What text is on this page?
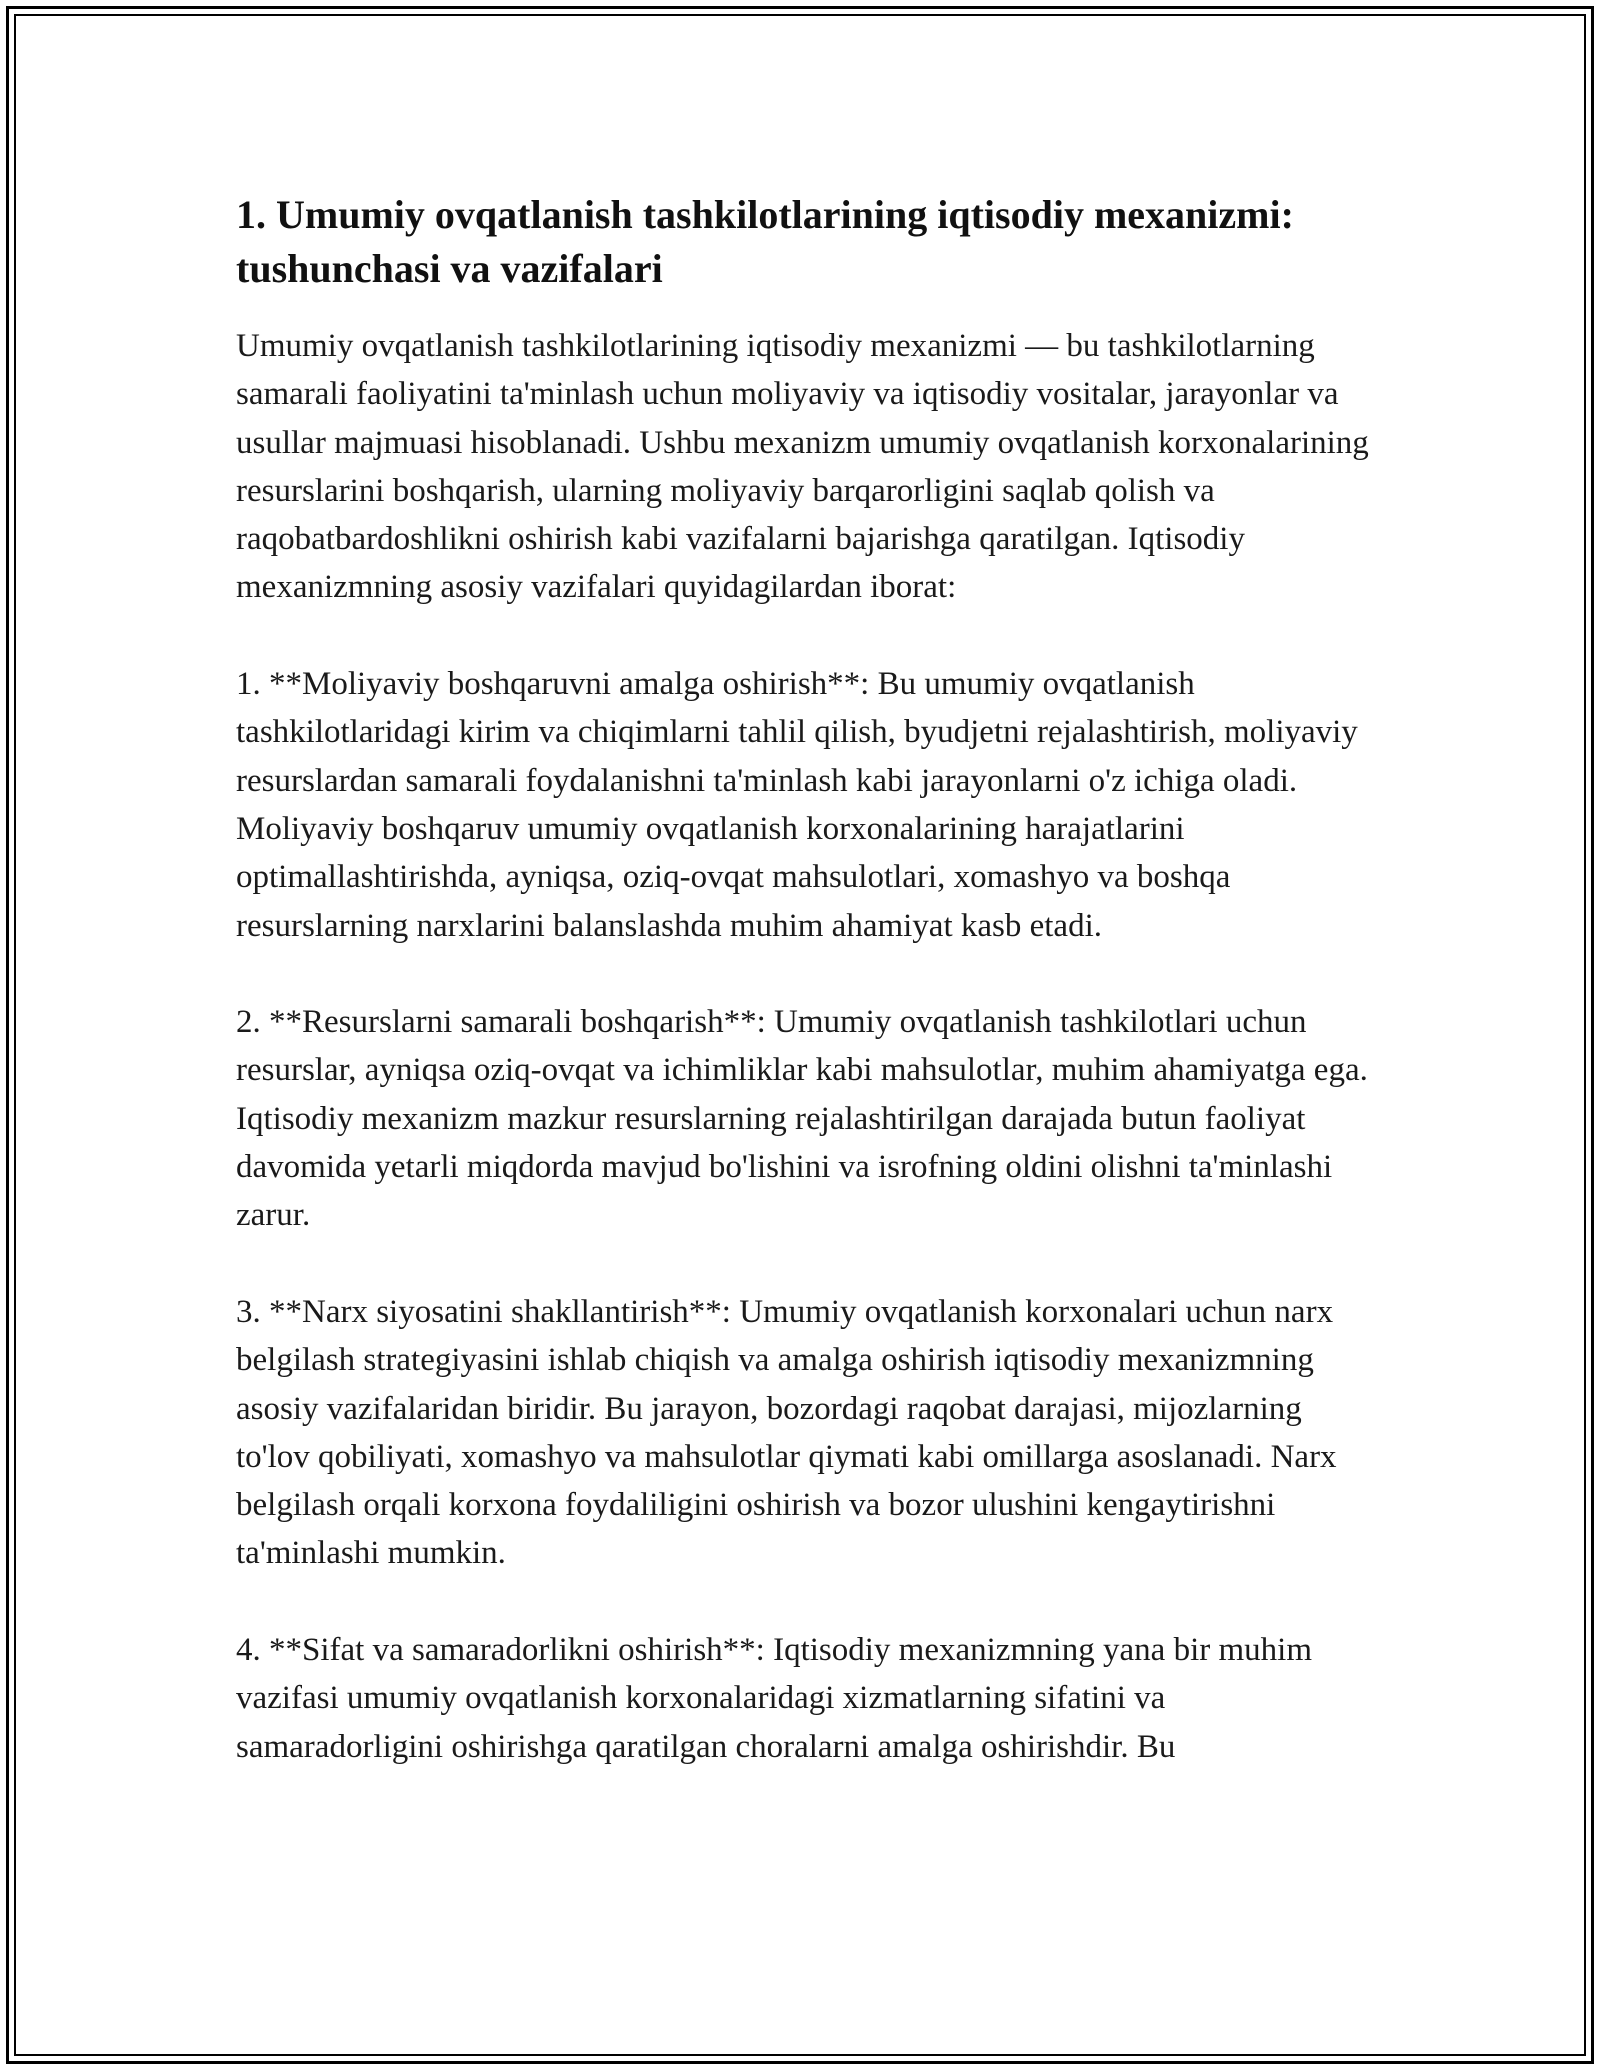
1. Umumiy ovqatlanish tashkilotlarining iqtisodiy mexanizmi: tushunchasi va vazifalari

Umumiy ovqatlanish tashkilotlarining iqtisodiy mexanizmi — bu tashkilotlarning samarali faoliyatini ta'minlash uchun moliyaviy va iqtisodiy vositalar, jarayonlar va usullar majmuasi hisoblanadi. Ushbu mexanizm umumiy ovqatlanish korxonalarining resurslarini boshqarish, ularning moliyaviy barqarorligini saqlab qolish va raqobatbardoshlikni oshirish kabi vazifalarni bajarishga qaratilgan. Iqtisodiy mexanizmning asosiy vazifalari quyidagilardan iborat:

1. **Moliyaviy boshqaruvni amalga oshirish**: Bu umumiy ovqatlanish tashkilotlaridagi kirim va chiqimlarni tahlil qilish, byudjetni rejalashtirish, moliyaviy resurslardan samarali foydalanishni ta'minlash kabi jarayonlarni o'z ichiga oladi. Moliyaviy boshqaruv umumiy ovqatlanish korxonalarining harajatlarini optimallashtirishda, ayniqsa, oziq-ovqat mahsulotlari, xomashyo va boshqa resurslarning narxlarini balanslashda muhim ahamiyat kasb etadi.

2. **Resurslarni samarali boshqarish**: Umumiy ovqatlanish tashkilotlari uchun resurslar, ayniqsa oziq-ovqat va ichimliklar kabi mahsulotlar, muhim ahamiyatga ega. Iqtisodiy mexanizm mazkur resurslarning rejalashtirilgan darajada butun faoliyat davomida yetarli miqdorda mavjud bo'lishini va isrofning oldini olishni ta'minlashi zarur.

3. **Narx siyosatini shakllantirish**: Umumiy ovqatlanish korxonalari uchun narx belgilash strategiyasini ishlab chiqish va amalga oshirish iqtisodiy mexanizmning asosiy vazifalaridan biridir. Bu jarayon, bozordagi raqobat darajasi, mijozlarning to'lov qobiliyati, xomashyo va mahsulotlar qiymati kabi omillarga asoslanadi. Narx belgilash orqali korxona foydaliligini oshirish va bozor ulushini kengaytirishni ta'minlashi mumkin.

4. **Sifat va samaradorlikni oshirish**: Iqtisodiy mexanizmning yana bir muhim vazifasi umumiy ovqatlanish korxonalaridagi xizmatlarning sifatini va samaradorligini oshirishga qaratilgan choralarni amalga oshirishdir. Bu
